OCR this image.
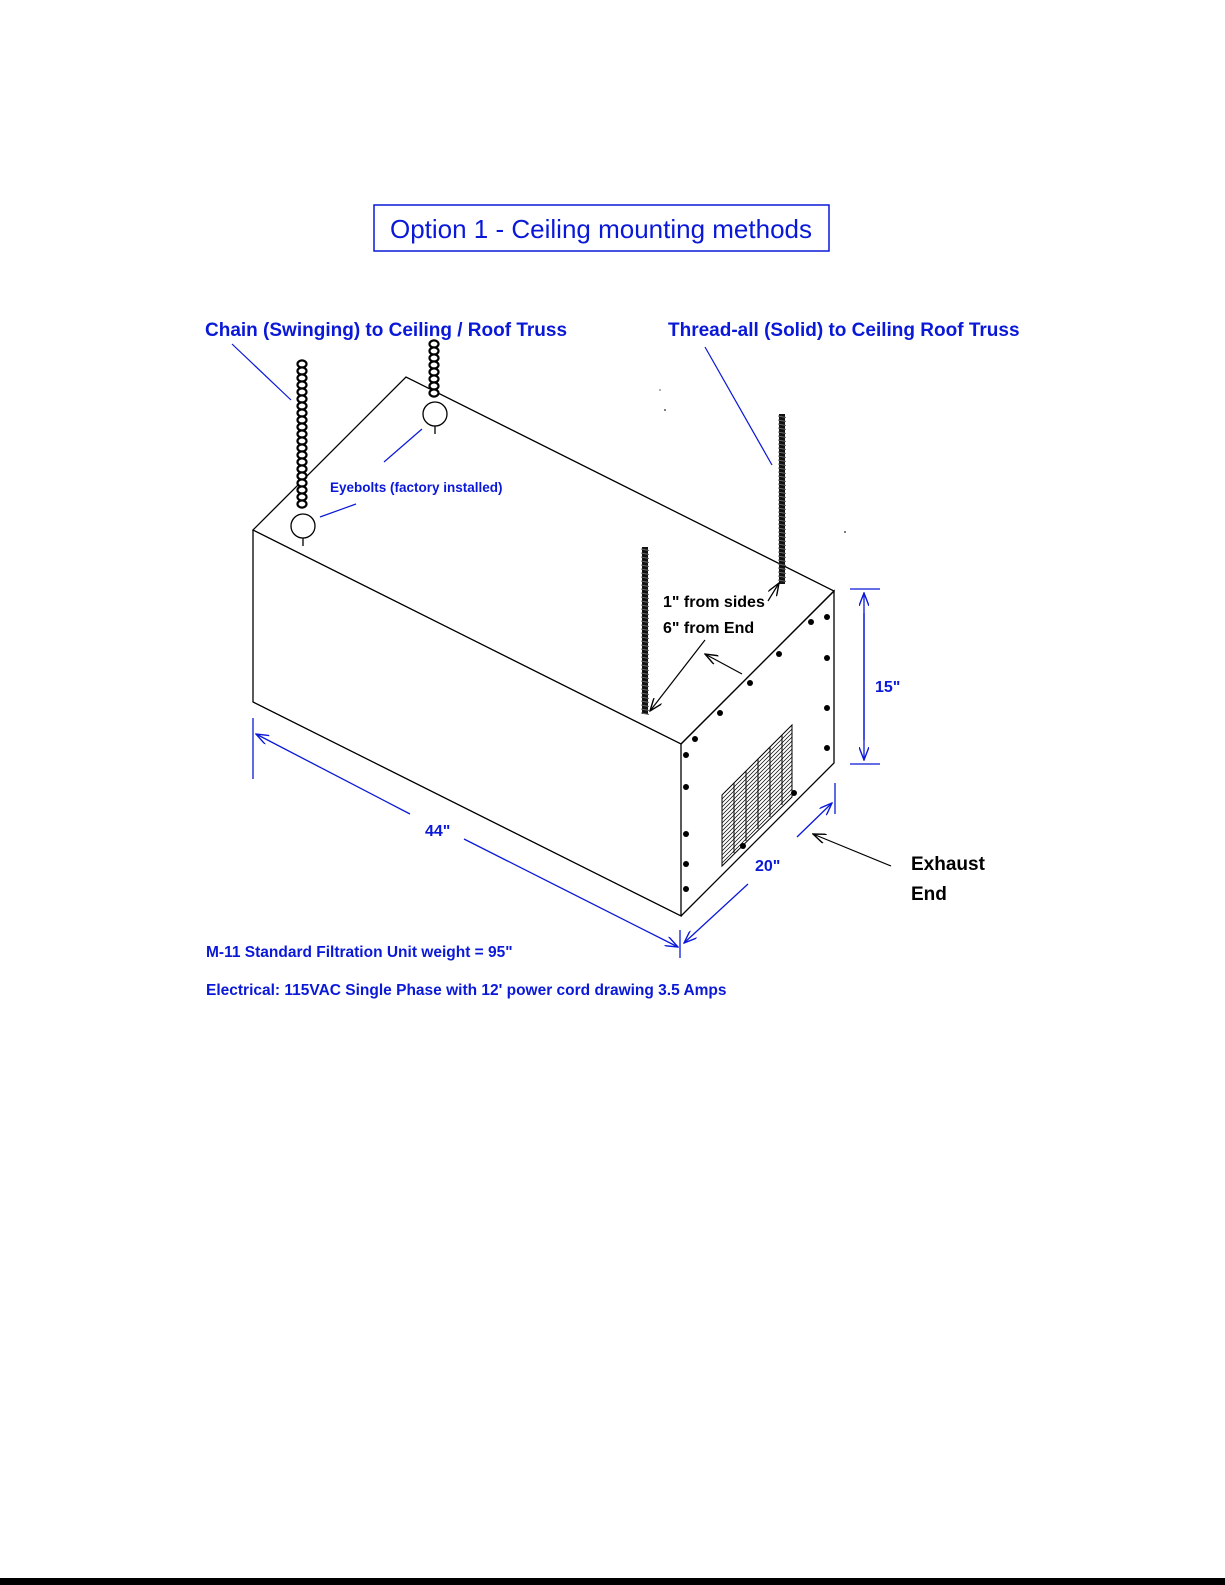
Option 1 - Ceiling mounting methods
Chain (Swinging) to Ceiling / Roof Truss	Thread-all (Solid) to Ceiling Roof Truss
Eyebolts (factory installed)
1" from sides
6" from End
15"
44"
20"	Exhaust
End
M-11 Standard Filtration Unit weight = 95"
Electrical: 115VAC Single Phase with 12' power cord drawing 3.5 Amps
